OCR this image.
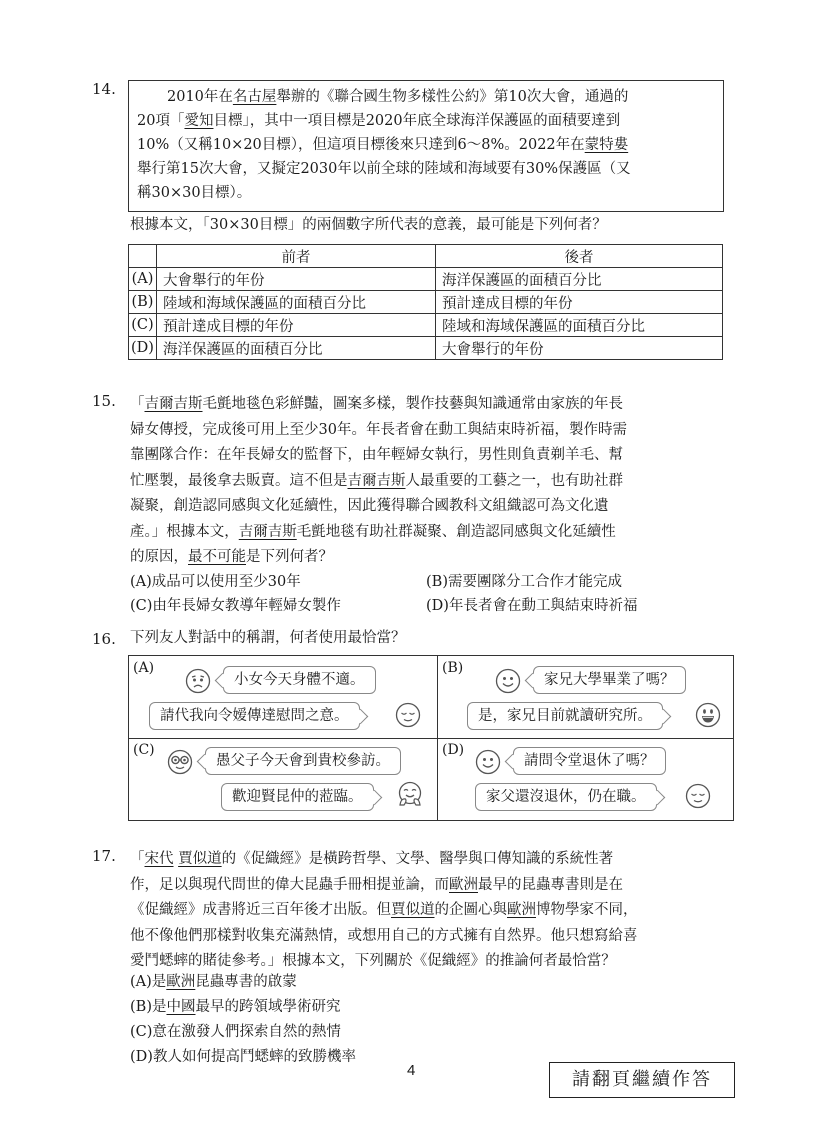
14.	2010年在名古屋舉辦的《聯合國生物多樣性公約》第10次大會，通過的
20項「愛知目標」，其中一項目標是2020年底全球海洋保護區的面積要達到
10%（又稱10×20目標），但這項目標後來只達到6～8%。2022年在蒙特婁
舉行第15次大會，又擬定2030年以前全球的陸域和海域要有30%保護區（又
稱30×30目標）。
根據本文，「30×30目標」的兩個數字所代表的意義，最可能是下列何者？
	前者	後者
(A)	大會舉行的年份	海洋保護區的面積百分比
(B)	陸域和海域保護區的面積百分比	預計達成目標的年份
(C)	預計達成目標的年份	陸域和海域保護區的面積百分比
(D)	海洋保護區的面積百分比	大會舉行的年份
15. 「吉爾吉斯毛氈地毯色彩鮮豔，圖案多樣，製作技藝與知識通常由家族的年長
婦女傳授，完成後可用上至少30年。年長者會在動工與結束時祈福，製作時需
靠團隊合作：在年長婦女的監督下，由年輕婦女執行，男性則負責剃羊毛、幫
忙壓製，最後拿去販賣。這不但是吉爾吉斯人最重要的工藝之一，也有助社群
凝聚，創造認同感與文化延續性，因此獲得聯合國教科文組織認可為文化遺
產。」根據本文，吉爾吉斯毛氈地毯有助社群凝聚、創造認同感與文化延續性
的原因，最不可能是下列何者？
(A)成品可以使用至少30年	(B)需要團隊分工合作才能完成
(C)由年長婦女教導年輕婦女製作	(D)年長者會在動工與結束時祈福
16. 下列友人對話中的稱謂，何者使用最恰當？
(A)
小女今天身體不適。
請代我向令嫒傳達慰問之意。
(B)
家兄大學畢業了嗎？
是，家兄目前就讀研究所。
(C)
愚父子今天會到貴校參訪。
歡迎賢昆仲的蒞臨。
(D)
請問令堂退休了嗎？
家父還沒退休，仍在職。
17. 「宋代 賈似道的《促織經》是橫跨哲學、文學、醫學與口傳知識的系統性著
作，足以與現代問世的偉大昆蟲手冊相提並論，而歐洲最早的昆蟲專書則是在
《促織經》成書將近三百年後才出版。但賈似道的企圖心與歐洲博物學家不同，
他不像他們那樣對收集充滿熱情，或想用自己的方式擁有自然界。他只想寫給喜
愛鬥蟋蟀的賭徒參考。」根據本文，下列關於《促織經》的推論何者最恰當？
(A)是歐洲昆蟲專書的啟蒙
(B)是中國最早的跨領域學術研究
(C)意在激發人們探索自然的熱情
(D)教人如何提高鬥蟋蟀的致勝機率
4	請翻頁繼續作答
